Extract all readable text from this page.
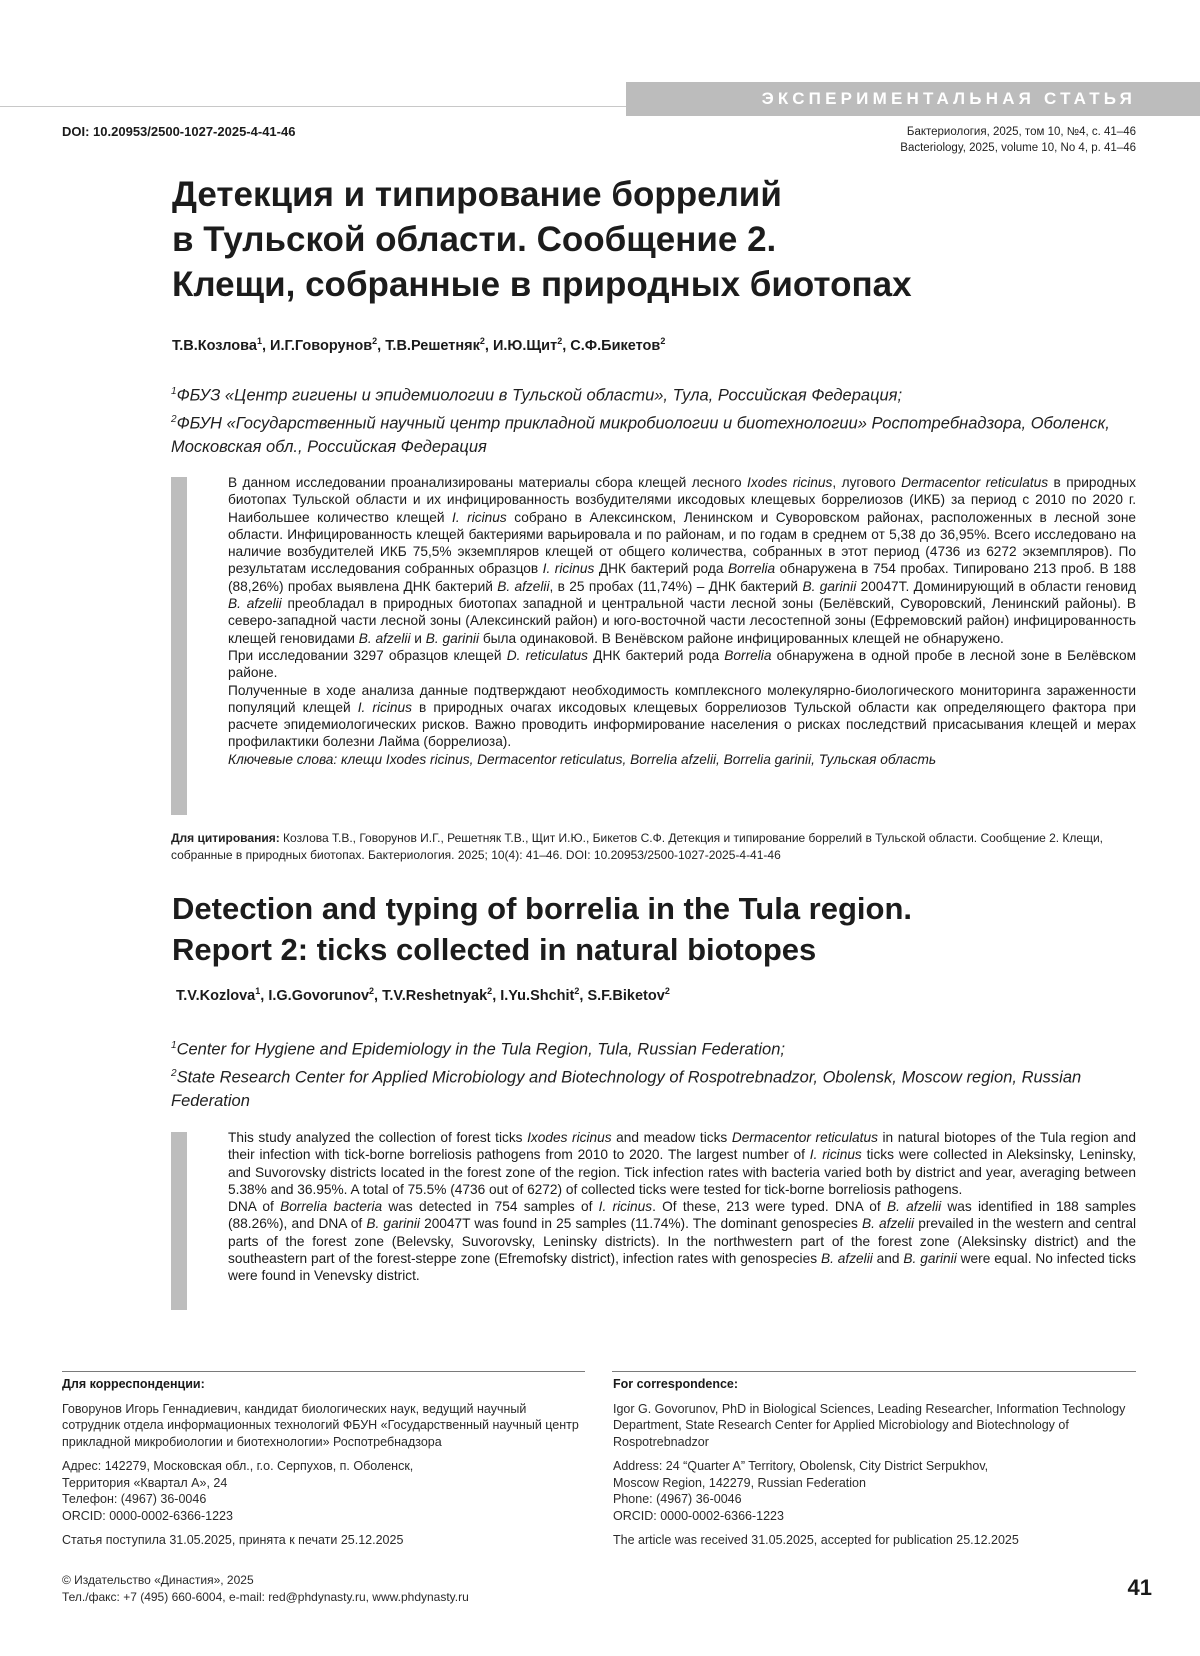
ЭКСПЕРИМЕНТАЛЬНАЯ СТАТЬЯ
DOI: 10.20953/2500-1027-2025-4-41-46	Бактериология, 2025, том 10, №4, с. 41–46
Bacteriology, 2025, volume 10, No 4, p. 41–46
Детекция и типирование боррелий
в Тульской области. Сообщение 2.
Клещи, собранные в природных биотопах
Т.В.Козлова$^1$, И.Г.Говорунов$^2$, Т.В.Решетняк$^2$, И.Ю.Щит$^2$, С.Ф.Бикетов$^2$
$^1$ФБУЗ «Центр гигиены и эпидемиологии в Тульской области», Тула, Российская Федерация;
$^2$ФБУН «Государственный научный центр прикладной микробиологии и биотехнологии» Роспотребнадзора, Оболенск, Московская обл., Российская Федерация

В данном исследовании проанализированы материалы сбора клещей лесного Ixodes ricinus, лугового Dermacentor reticulatus в природных биотопах Тульской области и их инфицированность возбудителями иксодовых клещевых боррелиозов (ИКБ) за период с 2010 по 2020 г. Наибольшее количество клещей I. ricinus собрано в Алексинском, Ленинском и Суворовском районах, расположенных в лесной зоне области. Инфицированность клещей бактериями варьировала и по районам, и по годам в среднем от 5,38 до 36,95%. Всего исследовано на наличие возбудителей ИКБ 75,5% экземпляров клещей от общего количества, собранных в этот период (4736 из 6272 экземпляров). По результатам исследования собранных образцов I. ricinus ДНК бактерий рода Borrelia обнаружена в 754 пробах. Типировано 213 проб. В 188 (88,26%) пробах выявлена ДНК бактерий B. afzelii, в 25 пробах (11,74%) – ДНК бактерий B. garinii 20047T. Доминирующий в области геновид B. afzelii преобладал в природных биотопах западной и центральной части лесной зоны (Белёвский, Суворовский, Ленинский районы). В северо-западной части лесной зоны (Алексинский район) и юго-восточной части лесостепной зоны (Ефремовский район) инфицированность клещей геновидами B. afzelii и B. garinii была одинаковой. В Венёвском районе инфицированных клещей не обнаружено.

При исследовании 3297 образцов клещей D. reticulatus ДНК бактерий рода Borrelia обнаружена в одной пробе в лесной зоне в Белёвском районе.

Полученные в ходе анализа данные подтверждают необходимость комплексного молекулярно-биологического мониторинга зараженности популяций клещей I. ricinus в природных очагах иксодовых клещевых боррелиозов Тульской области как определяющего фактора при расчете эпидемиологических рисков. Важно проводить информирование населения о рисках последствий присасывания клещей и мерах профилактики болезни Лайма (боррелиоза).

Ключевые слова: клещи Ixodes ricinus, Dermacentor reticulatus, Borrelia afzelii, Borrelia garinii, Тульская область

Для цитирования: Козлова Т.В., Говорунов И.Г., Решетняк Т.В., Щит И.Ю., Бикетов С.Ф. Детекция и типирование боррелий в Тульской области. Сообщение 2. Клещи, собранные в природных биотопах. Бактериология. 2025; 10(4): 41–46. DOI: 10.20953/2500-1027-2025-4-41-46
Detection and typing of borrelia in the Tula region.
Report 2: ticks collected in natural biotopes
T.V.Kozlova$^1$, I.G.Govorunov$^2$, T.V.Reshetnyak$^2$, I.Yu.Shchit$^2$, S.F.Biketov$^2$
$^1$Center for Hygiene and Epidemiology in the Tula Region, Tula, Russian Federation;
$^2$State Research Center for Applied Microbiology and Biotechnology of Rospotrebnadzor, Obolensk, Moscow region, Russian Federation

This study analyzed the collection of forest ticks Ixodes ricinus and meadow ticks Dermacentor reticulatus in natural biotopes of the Tula region and their infection with tick-borne borreliosis pathogens from 2010 to 2020. The largest number of I. ricinus ticks were collected in Aleksinsky, Leninsky, and Suvorovsky districts located in the forest zone of the region. Tick infection rates with bacteria varied both by district and year, averaging between 5.38% and 36.95%. A total of 75.5% (4736 out of 6272) of collected ticks were tested for tick-borne borreliosis pathogens.

DNA of Borrelia bacteria was detected in 754 samples of I. ricinus. Of these, 213 were typed. DNA of B. afzelii was identified in 188 samples (88.26%), and DNA of B. garinii 20047T was found in 25 samples (11.74%). The dominant genospecies B. afzelii prevailed in the western and central parts of the forest zone (Belevsky, Suvorovsky, Leninsky districts). In the northwestern part of the forest zone (Aleksinsky district) and the southeastern part of the forest-steppe zone (Efremofsky district), infection rates with genospecies B. afzelii and B. garinii were equal. No infected ticks were found in Venevsky district.

Для корреспонденции:
Говорунов Игорь Геннадиевич, кандидат биологических наук, ведущий научный сотрудник отдела информационных технологий ФБУН «Государственный научный центр прикладной микробиологии и биотехнологии» Роспотребнадзора
Адрес: 142279, Московская обл., г.о. Серпухов, п. Оболенск,
Территория «Квартал А», 24
Телефон: (4967) 36-0046
ORCID: 0000-0002-6366-1223
Статья поступила 31.05.2025, принята к печати 25.12.2025
For correspondence:
Igor G. Govorunov, PhD in Biological Sciences, Leading Researcher, Information Technology Department, State Research Center for Applied Microbiology and Biotechnology of Rospotrebnadzor
Address: 24 “Quarter A” Territory, Obolensk, City District Serpukhov,
Moscow Region, 142279, Russian Federation
Phone: (4967) 36-0046
ORCID: 0000-0002-6366-1223
The article was received 31.05.2025, accepted for publication 25.12.2025
© Издательство «Династия», 2025
Тел./факс: +7 (495) 660-6004, e-mail: red@phdynasty.ru, www.phdynasty.ru	41
